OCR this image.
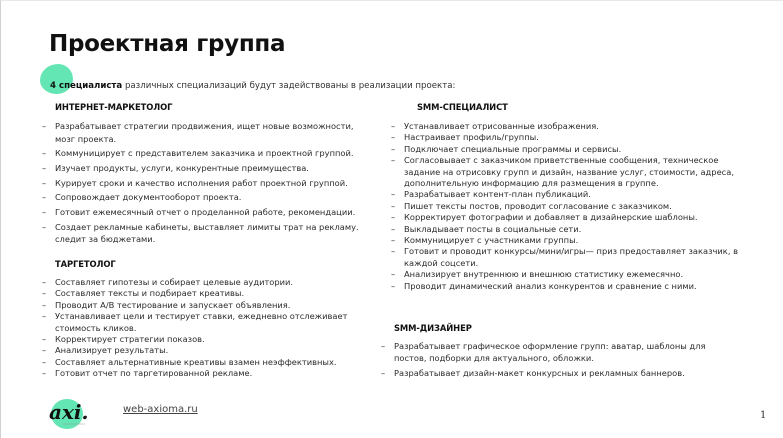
Проектная группа
4 специалиста различных специализаций будут задействованы в реализации проекта:
ИНТЕРНЕТ-МАРКЕТОЛОГ
– Разрабатывает стратегии продвижения, ищет новые возможности, мозг проекта.
– Коммуницирует с представителем заказчика и проектной группой.
– Изучает продукты, услуги, конкурентные преимущества.
– Курирует сроки и качество исполнения работ проектной группой.
– Сопровождает документооборот проекта.
– Готовит ежемесячный отчет о проделанной работе, рекомендации.
– Создает рекламные кабинеты, выставляет лимиты трат на рекламу. следит за бюджетами.
ТАРГЕТОЛОГ
– Составляет гипотезы и собирает целевые аудитории.
– Составляет тексты и подбирает креативы.
– Проводит A/B тестирование и запускает объявления.
– Устанавливает цели и тестирует ставки, ежедневно отслеживает стоимость кликов.
– Корректирует стратегии показов.
– Анализирует результаты.
– Составляет альтернативные креативы взамен неэффективных.
– Готовит отчет по таргетированной рекламе.
SMM-СПЕЦИАЛИСТ
– Устанавливает отрисованные изображения.
– Настраивает профиль/группы.
– Подключает специальные программы и сервисы.
– Согласовывает с заказчиком приветственные сообщения, техническое задание на отрисовку групп и дизайн, название услуг, стоимости, адреса, дополнительную информацию для размещения в группе.
– Разрабатывает контент-план публикаций.
– Пишет тексты постов, проводит согласование с заказчиком.
– Корректирует фотографии и добавляет в дизайнерские шаблоны.
– Выкладывает посты в социальные сети.
– Коммуницирует с участниками группы.
– Готовит и проводит конкурсы/мини/игры— приз предоставляет заказчик, в каждой соцсети.
– Анализирует внутреннюю и внешнюю статистику ежемесячно.
– Проводит динамический анализ конкурентов и сравнение с ними.
SMM-ДИЗАЙНЕР
– Разрабатывает графическое оформление групп: аватар, шаблоны для постов, подборки для актуального, обложки.
– Разрабатывает дизайн-макет конкурсных и рекламных баннеров.
axi.	web-axioma.ru
1
